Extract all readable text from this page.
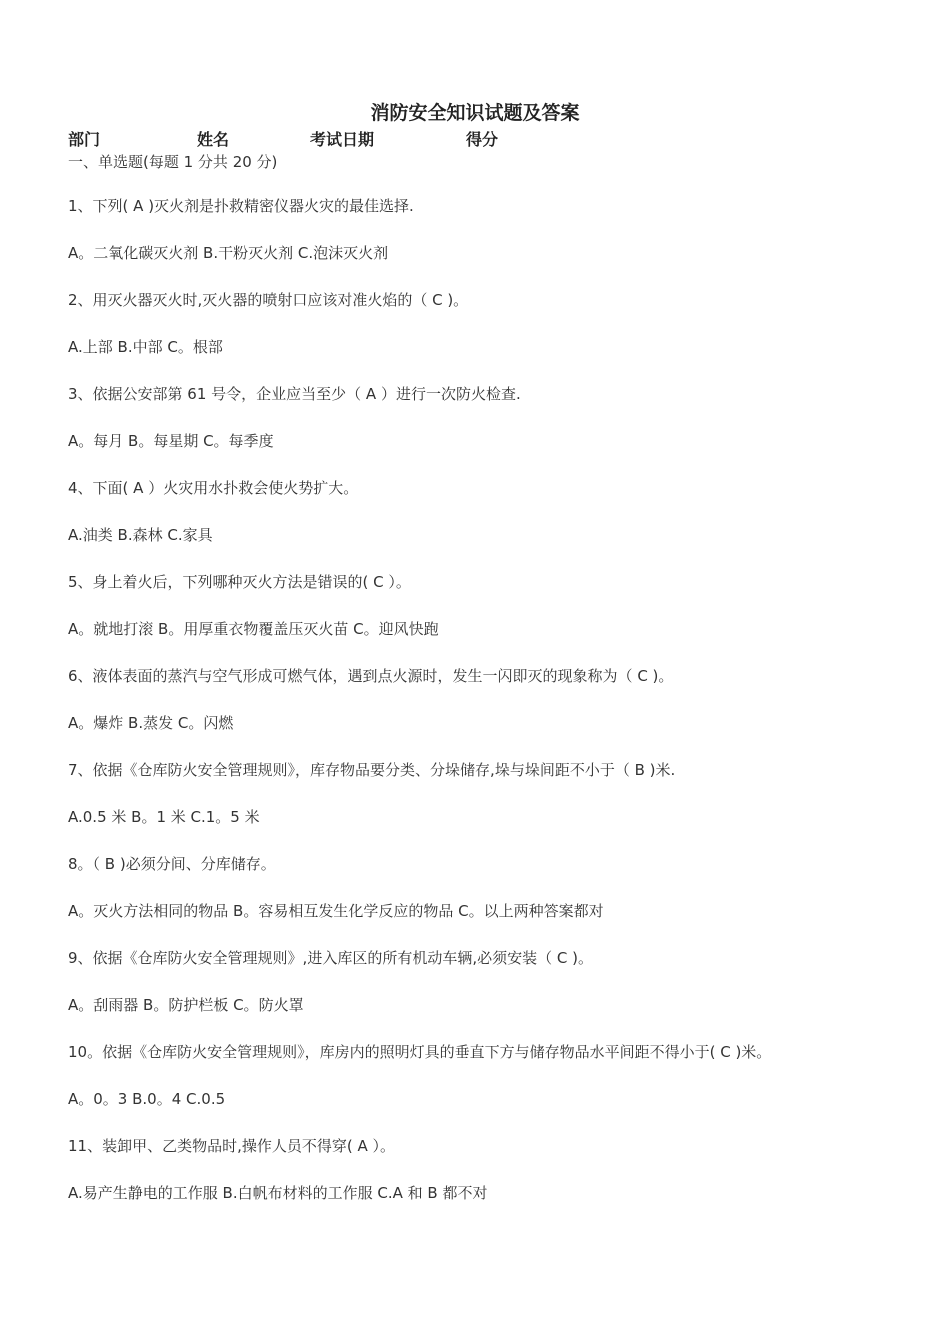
消防安全知识试题及答案
部门	姓名	考试日期	得分
一、单选题(每题 1 分共 20 分)
1、下列( A )灭火剂是扑救精密仪器火灾的最佳选择.
A。二氧化碳灭火剂 B.干粉灭火剂 C.泡沫灭火剂
2、用灭火器灭火时,灭火器的喷射口应该对准火焰的（ C )。
A.上部 B.中部 C。根部
3、依据公安部第 61 号令，企业应当至少（ A ）进行一次防火检查.
A。每月 B。每星期 C。每季度
4、下面( A ）火灾用水扑救会使火势扩大。
A.油类 B.森林 C.家具
5、身上着火后，下列哪种灭火方法是错误的( C ）。
A。就地打滚 B。用厚重衣物覆盖压灭火苗 C。迎风快跑
6、液体表面的蒸汽与空气形成可燃气体，遇到点火源时，发生一闪即灭的现象称为（ C )。
A。爆炸 B.蒸发 C。闪燃
7、依据《仓库防火安全管理规则》，库存物品要分类、分垛储存,垛与垛间距不小于（ B )米.
A.0.5 米 B。1 米 C.1。5 米
8。（ B )必须分间、分库储存。
A。灭火方法相同的物品 B。容易相互发生化学反应的物品 C。以上两种答案都对
9、依据《仓库防火安全管理规则》,进入库区的所有机动车辆,必须安装（ C )。
A。刮雨器 B。防护栏板 C。防火罩
10。依据《仓库防火安全管理规则》，库房内的照明灯具的垂直下方与储存物品水平间距不得小于( C )米。
A。0。3 B.0。4 C.0.5
11、装卸甲、乙类物品时,操作人员不得穿( A ）。
A.易产生静电的工作服 B.白帆布材料的工作服 C.A 和 B 都不对
